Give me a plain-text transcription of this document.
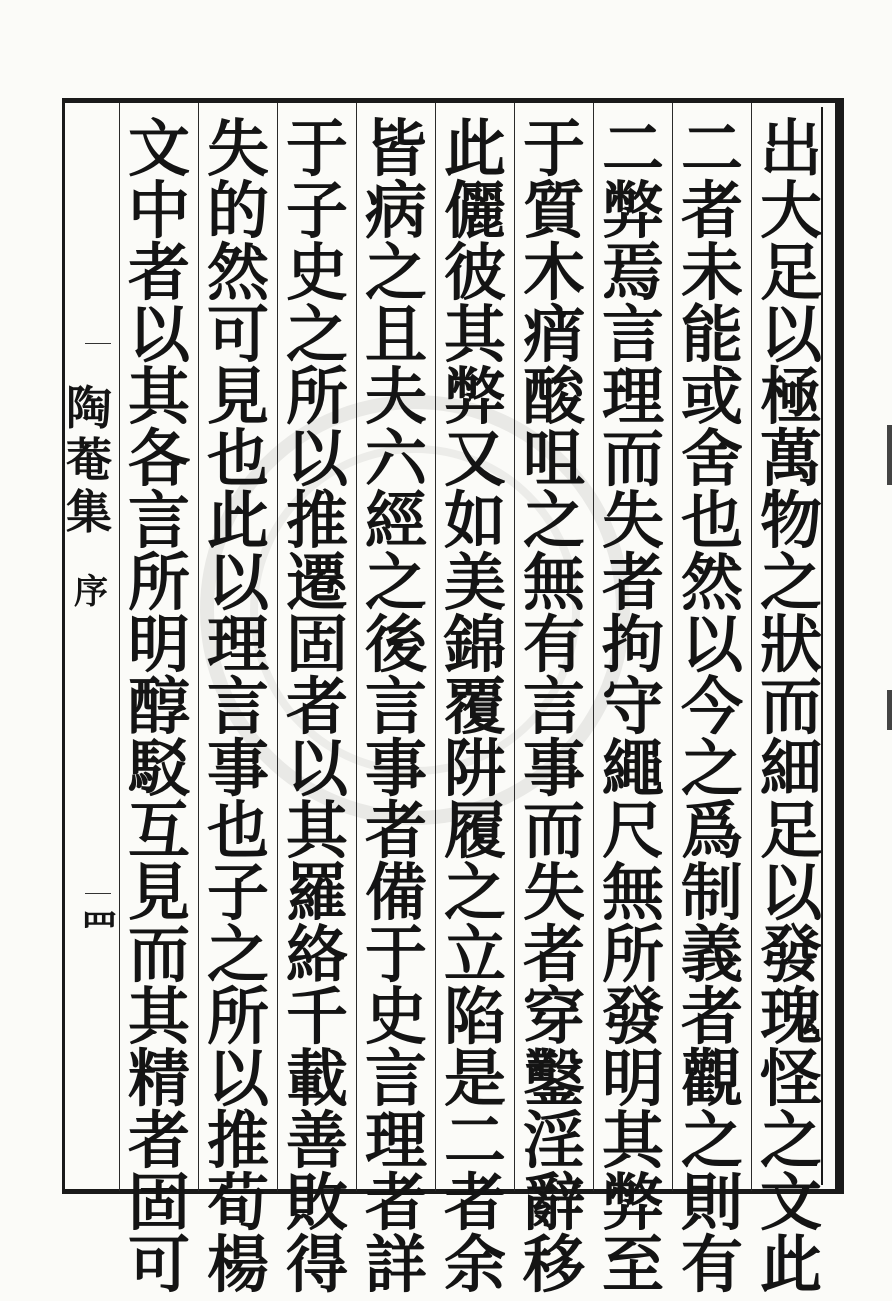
陶
菴
集
序
罒
出
大
足
以
極
萬
物
之
狀
而
細
足
以
發
瑰
怪
之
文
此
二
者
未
能
或
舍
也
然
以
今
之
爲
制
義
者
觀
之
則
有
二
弊
焉
言
理
而
失
者
拘
守
繩
尺
無
所
發
明
其
弊
至
于
質
木
痟
酸
咀
之
無
有
言
事
而
失
者
穿
鑿
淫
辭
移
此
儷
彼
其
弊
又
如
美
錦
覆
阱
履
之
立
陷
是
二
者
余
皆
病
之
且
夫
六
經
之
後
言
事
者
備
于
史
言
理
者
詳
于
子
史
之
所
以
推
遷
固
者
以
其
羅
絡
千
載
善
敗
得
失
的
然
可
見
也
此
以
理
言
事
也
子
之
所
以
推
荀
楊
文
中
者
以
其
各
言
所
明
醇
駁
互
見
而
其
精
者
固
可
